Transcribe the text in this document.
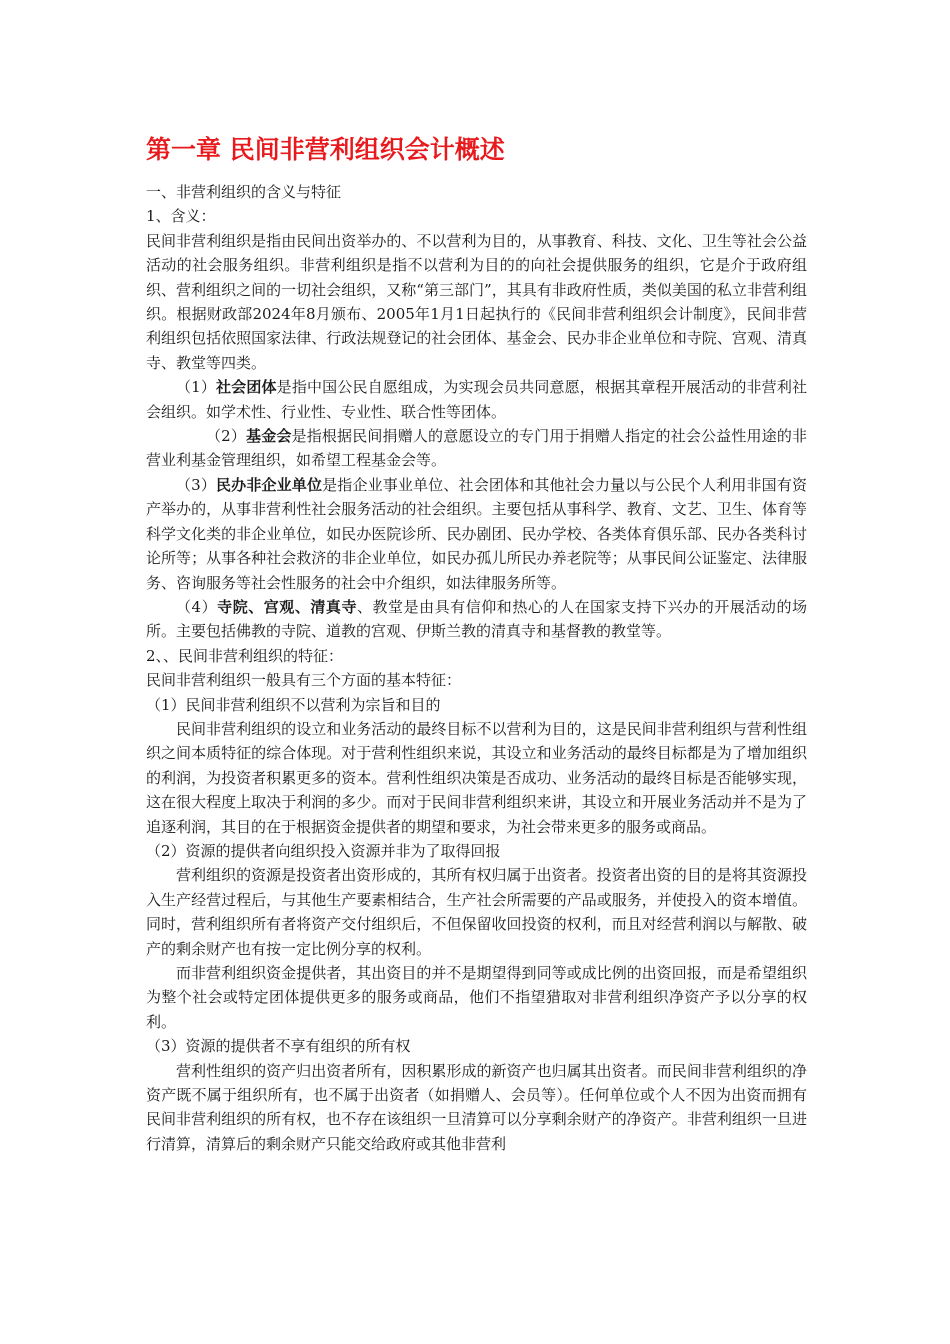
第一章 民间非营利组织会计概述

一、非营利组织的含义与特征

1、含义：

民间非营利组织是指由民间出资举办的、不以营利为目的，从事教育、科技、文化、卫生等社会公益活动的社会服务组织。非营利组织是指不以营利为目的的向社会提供服务的组织，它是介于政府组织、营利组织之间的一切社会组织，又称“第三部门”，其具有非政府性质，类似美国的私立非营利组织。根据财政部2024年8月颁布、2005年1月1日起执行的《民间非营利组织会计制度》，民间非营利组织包括依照国家法律、行政法规登记的社会团体、基金会、民办非企业单位和寺院、宫观、清真寺、教堂等四类。

（1）社会团体是指中国公民自愿组成，为实现会员共同意愿，根据其章程开展活动的非营利社会组织。如学术性、行业性、专业性、联合性等团体。

（2）基金会是指根据民间捐赠人的意愿设立的专门用于捐赠人指定的社会公益性用途的非营业利基金管理组织，如希望工程基金会等。

（3）民办非企业单位是指企业事业单位、社会团体和其他社会力量以与公民个人利用非国有资产举办的，从事非营利性社会服务活动的社会组织。主要包括从事科学、教育、文艺、卫生、体育等科学文化类的非企业单位，如民办医院诊所、民办剧团、民办学校、各类体育俱乐部、民办各类科讨论所等；从事各种社会救济的非企业单位，如民办孤儿所民办养老院等；从事民间公证鉴定、法律服务、咨询服务等社会性服务的社会中介组织，如法律服务所等。

（4）寺院、宫观、清真寺、教堂是由具有信仰和热心的人在国家支持下兴办的开展活动的场所。主要包括佛教的寺院、道教的宫观、伊斯兰教的清真寺和基督教的教堂等。

2、、民间非营利组织的特征：

民间非营利组织一般具有三个方面的基本特征：

（1）民间非营利组织不以营利为宗旨和目的

民间非营利组织的设立和业务活动的最终目标不以营利为目的，这是民间非营利组织与营利性组织之间本质特征的综合体现。对于营利性组织来说，其设立和业务活动的最终目标都是为了增加组织的利润，为投资者积累更多的资本。营利性组织决策是否成功、业务活动的最终目标是否能够实现，这在很大程度上取决于利润的多少。而对于民间非营利组织来讲，其设立和开展业务活动并不是为了追逐利润，其目的在于根据资金提供者的期望和要求，为社会带来更多的服务或商品。

（2）资源的提供者向组织投入资源并非为了取得回报

营利组织的资源是投资者出资形成的，其所有权归属于出资者。投资者出资的目的是将其资源投入生产经营过程后，与其他生产要素相结合，生产社会所需要的产品或服务，并使投入的资本增值。同时，营利组织所有者将资产交付组织后，不但保留收回投资的权利，而且对经营利润以与解散、破产的剩余财产也有按一定比例分享的权利。

而非营利组织资金提供者，其出资目的并不是期望得到同等或成比例的出资回报，而是希望组织为整个社会或特定团体提供更多的服务或商品，他们不指望猎取对非营利组织净资产予以分享的权利。

（3）资源的提供者不享有组织的所有权

营利性组织的资产归出资者所有，因积累形成的新资产也归属其出资者。而民间非营利组织的净资产既不属于组织所有，也不属于出资者（如捐赠人、会员等）。任何单位或个人不因为出资而拥有民间非营利组织的所有权，也不存在该组织一旦清算可以分享剩余财产的净资产。非营利组织一旦进行清算，清算后的剩余财产只能交给政府或其他非营利
